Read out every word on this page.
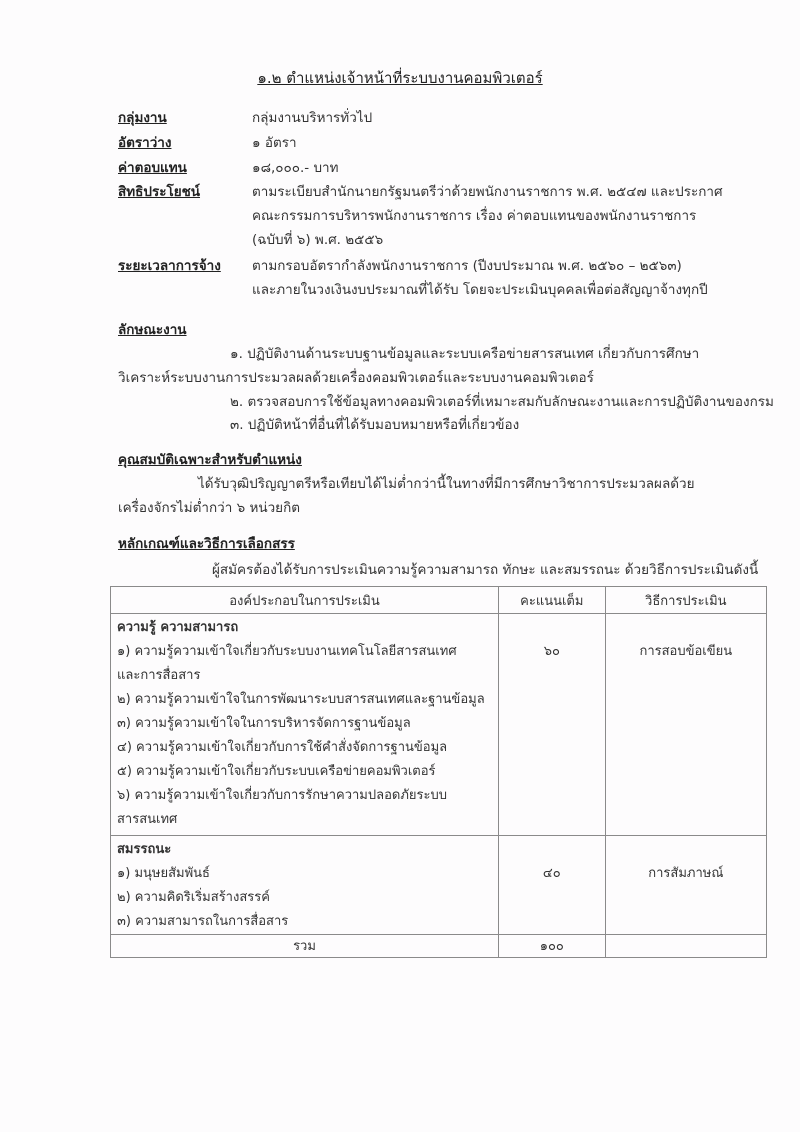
๑.๒ ตำแหน่งเจ้าหน้าที่ระบบงานคอมพิวเตอร์
กลุ่มงาน	กลุ่มงานบริหารทั่วไป
อัตราว่าง	๑ อัตรา
ค่าตอบแทน	๑๘,๐๐๐.- บาท
สิทธิประโยชน์	ตามระเบียบสำนักนายกรัฐมนตรีว่าด้วยพนักงานราชการ พ.ศ. ๒๕๔๗ และประกาศ
คณะกรรมการบริหารพนักงานราชการ เรื่อง ค่าตอบแทนของพนักงานราชการ
(ฉบับที่ ๖) พ.ศ. ๒๕๕๖
ระยะเวลาการจ้าง ตามกรอบอัตรากำลังพนักงานราชการ (ปีงบประมาณ พ.ศ. ๒๕๖๐ – ๒๕๖๓)
และภายในวงเงินงบประมาณที่ได้รับ โดยจะประเมินบุคคลเพื่อต่อสัญญาจ้างทุกปี
ลักษณะงาน
๑. ปฏิบัติงานด้านระบบฐานข้อมูลและระบบเครือข่ายสารสนเทศ เกี่ยวกับการศึกษา
วิเคราะห์ระบบงานการประมวลผลด้วยเครื่องคอมพิวเตอร์และระบบงานคอมพิวเตอร์
๒. ตรวจสอบการใช้ข้อมูลทางคอมพิวเตอร์ที่เหมาะสมกับลักษณะงานและการปฏิบัติงานของกรม
๓. ปฏิบัติหน้าที่อื่นที่ได้รับมอบหมายหรือที่เกี่ยวข้อง
คุณสมบัติเฉพาะสำหรับตำแหน่ง
ได้รับวุฒิปริญญาตรีหรือเทียบได้ไม่ต่ำกว่านี้ในทางที่มีการศึกษาวิชาการประมวลผลด้วย
เครื่องจักรไม่ต่ำกว่า ๖ หน่วยกิต
หลักเกณฑ์และวิธีการเลือกสรร
ผู้สมัครต้องได้รับการประเมินความรู้ความสามารถ ทักษะ และสมรรถนะ ด้วยวิธีการประเมินดังนี้
องค์ประกอบในการประเมิน	คะแนนเต็ม	วิธีการประเมิน

ความรู้ ความสามารถ
๑) ความรู้ความเข้าใจเกี่ยวกับระบบงานเทคโนโลยีสารสนเทศ
และการสื่อสาร
๒) ความรู้ความเข้าใจในการพัฒนาระบบสารสนเทศและฐานข้อมูล
๓) ความรู้ความเข้าใจในการบริหารจัดการฐานข้อมูล
๔) ความรู้ความเข้าใจเกี่ยวกับการใช้คำสั่งจัดการฐานข้อมูล
๕) ความรู้ความเข้าใจเกี่ยวกับระบบเครือข่ายคอมพิวเตอร์
๖) ความรู้ความเข้าใจเกี่ยวกับการรักษาความปลอดภัยระบบ
สารสนเทศ
	๖๐	การสอบข้อเขียน

สมรรถนะ
๑) มนุษยสัมพันธ์
๒) ความคิดริเริ่มสร้างสรรค์
๓) ความสามารถในการสื่อสาร	๔๐	การสัมภาษณ์
รวม	๑๐๐	
